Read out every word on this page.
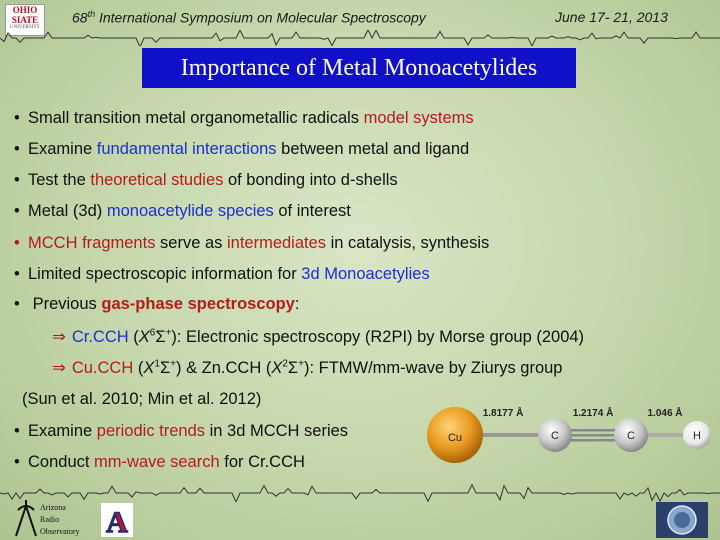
OHIO
SIATE
UNIVERSITY
68th International Symposium on Molecular Spectroscopy	June 17- 21, 2013
Importance of Metal Monoacetylides
• Small transition metal organometallic radicals model systems
• Examine fundamental interactions between metal and ligand
• Test the theoretical studies of bonding into d-shells
• Metal (3d) monoacetylide species of interest
• MCCH fragments serve as intermediates in catalysis, synthesis
• Limited spectroscopic information for 3d Monoacetylies
• Previous gas-phase spectroscopy:
⇒ Cr.CCH $(X^6\Sigma^+)$: Electronic spectroscopy (R2PI) by Morse group (2004)
⇒ Cu.CCH $(X^1\Sigma^+)$ & Zn.CCH $(X^2\Sigma^+)$: FTMW/mm-wave by Ziurys group
(Sun et al. 2010; Min et al. 2012)
• Examine periodic trends in 3d MCCH series
• Conduct mm-wave search for Cr.CCH
1.8177 Å	1.2174 Å	1.046 Å
Cu	C	C	H
Arizona
Radio
Observatory A
